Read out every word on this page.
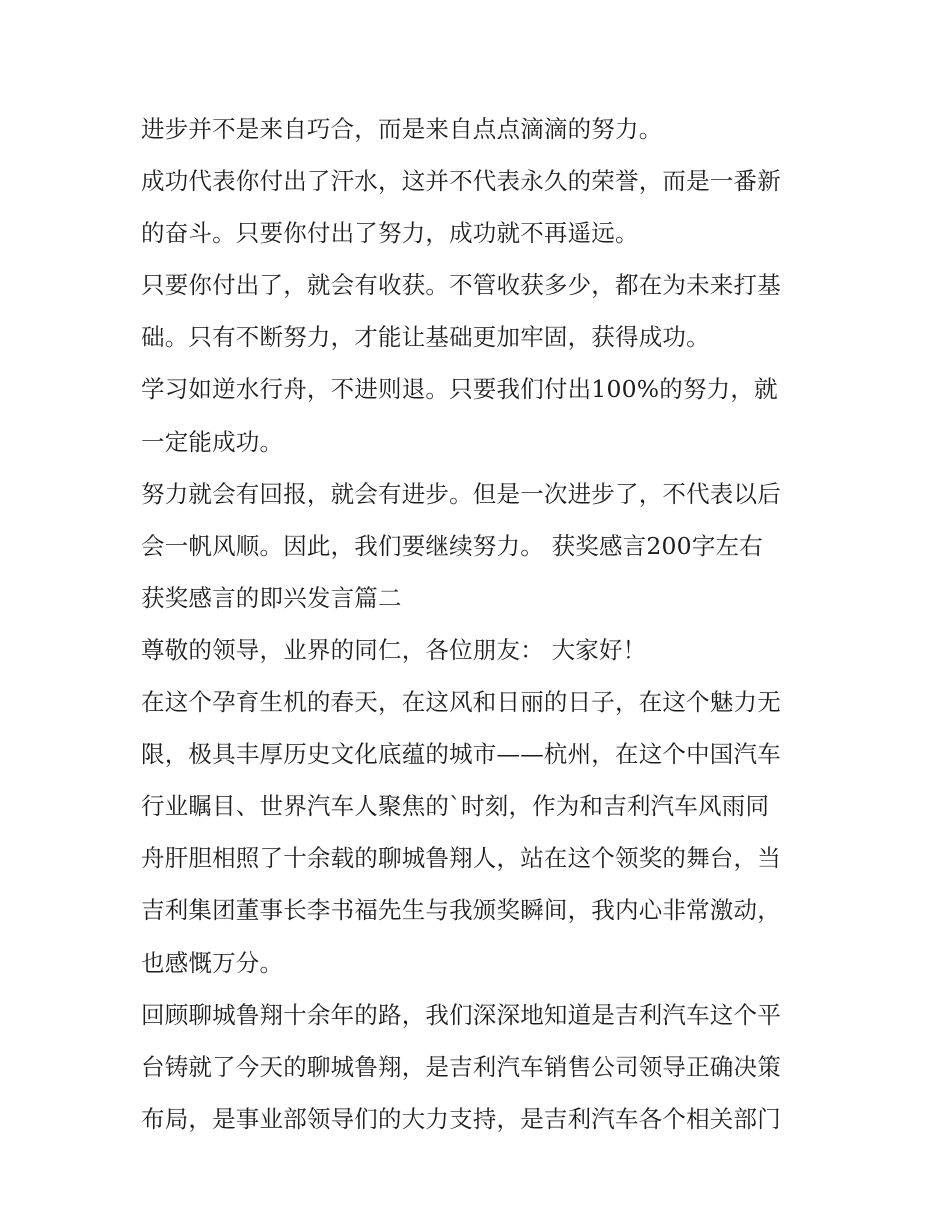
进步并不是来自巧合，而是来自点点滴滴的努力。
成功代表你付出了汗水，这并不代表永久的荣誉，而是一番新
的奋斗。只要你付出了努力，成功就不再遥远。
只要你付出了，就会有收获。不管收获多少，都在为未来打基
础。只有不断努力，才能让基础更加牢固，获得成功。
学习如逆水行舟，不进则退。只要我们付出100%的努力，就
一定能成功。
努力就会有回报，就会有进步。但是一次进步了，不代表以后
会一帆风顺。因此，我们要继续努力。 获奖感言200字左右
获奖感言的即兴发言篇二
尊敬的领导，业界的同仁，各位朋友： 大家好！
在这个孕育生机的春天，在这风和日丽的日子，在这个魅力无
限，极具丰厚历史文化底蕴的城市——杭州，在这个中国汽车
行业瞩目、世界汽车人聚焦的`时刻，作为和吉利汽车风雨同
舟肝胆相照了十余载的聊城鲁翔人，站在这个领奖的舞台，当
吉利集团董事长李书福先生与我颁奖瞬间，我内心非常激动，
也感慨万分。
回顾聊城鲁翔十余年的路，我们深深地知道是吉利汽车这个平
台铸就了今天的聊城鲁翔，是吉利汽车销售公司领导正确决策
布局，是事业部领导们的大力支持，是吉利汽车各个相关部门
